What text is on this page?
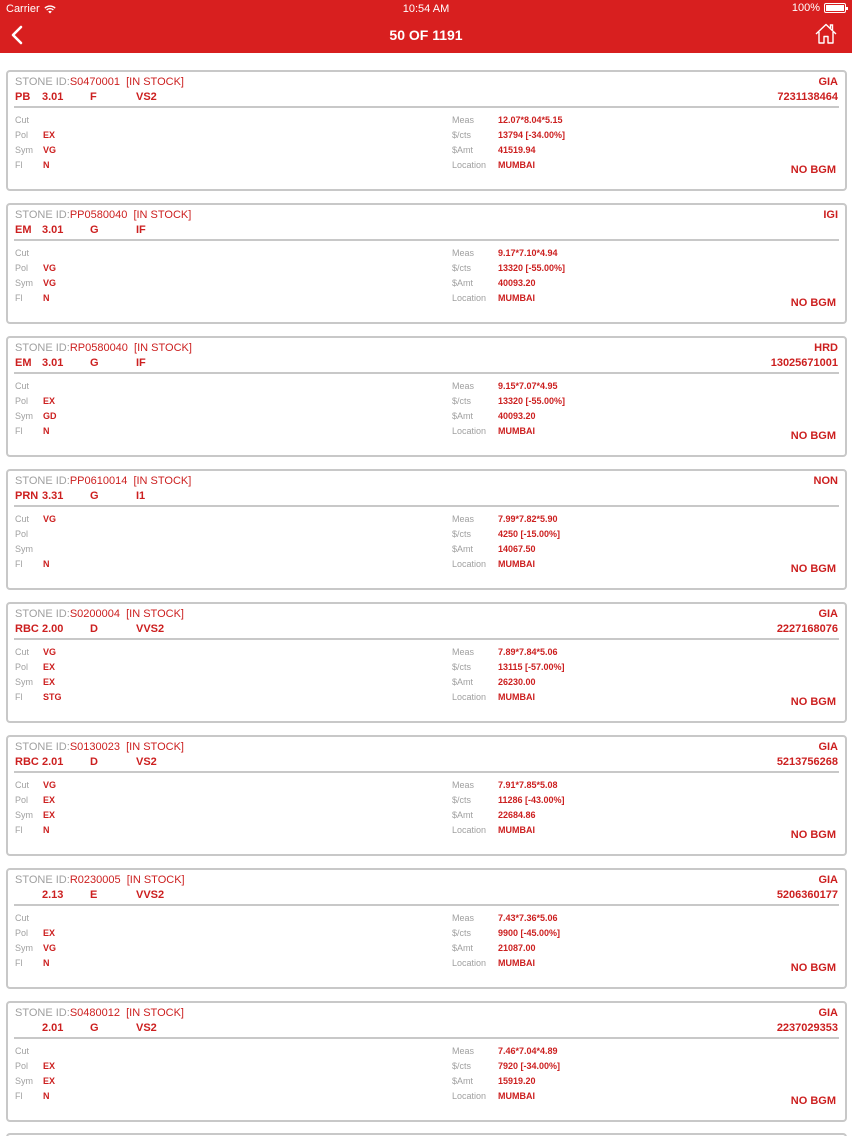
Carrier	10:54 AM	100%
50 OF 1191
STONE ID:S0470001 [IN STOCK]
PB 3.01 F	VS2
GIA
7231138464
Cut
Pol EX
Sym VG
Fl N
Meas	12.07*8.04*5.15
$/cts	13794 [-34.00%]
$Amt	41519.94
Location MUMBAI	NO BGM
STONE ID:PP0580040 [IN STOCK]
EM 3.01 G	IF
IGI
Cut
Pol VG
Sym VG
Fl N
Meas	9.17*7.10*4.94
$/cts	13320 [-55.00%]
$Amt	40093.20
Location MUMBAI	NO BGM
STONE ID:RP0580040 [IN STOCK]
EM 3.01 G	IF
HRD
13025671001
Cut
Pol EX
Sym GD
Fl N
Meas	9.15*7.07*4.95
$/cts	13320 [-55.00%]
$Amt	40093.20
Location MUMBAI	NO BGM
STONE ID:PP0610014 [IN STOCK]
PRN 3.31 G	I1
NON
Cut VG
Pol
Sym
Fl N
Meas	7.99*7.82*5.90
$/cts	4250 [-15.00%]
$Amt	14067.50
Location MUMBAI	NO BGM
STONE ID:S0200004 [IN STOCK]
RBC 2.00 D	VVS2
GIA
2227168076
Cut VG
Pol EX
Sym EX
Fl STG
Meas	7.89*7.84*5.06
$/cts	13115 [-57.00%]
$Amt	26230.00
Location MUMBAI	NO BGM
STONE ID:S0130023 [IN STOCK]
RBC 2.01 D	VS2
GIA
5213756268
Cut VG
Pol EX
Sym EX
Fl N
Meas	7.91*7.85*5.08
$/cts	11286 [-43.00%]
$Amt	22684.86
Location MUMBAI	NO BGM
STONE ID:R0230005 [IN STOCK]
2.13 E	VVS2
GIA
5206360177
Cut
Pol EX
Sym VG
Fl N
Meas	7.43*7.36*5.06
$/cts	9900 [-45.00%]
$Amt	21087.00
Location MUMBAI	NO BGM
STONE ID:S0480012 [IN STOCK]
2.01 G	VS2
GIA
2237029353
Cut
Pol EX
Sym EX
Fl N
Meas	7.46*7.04*4.89
$/cts	7920 [-34.00%]
$Amt	15919.20
Location MUMBAI	NO BGM
